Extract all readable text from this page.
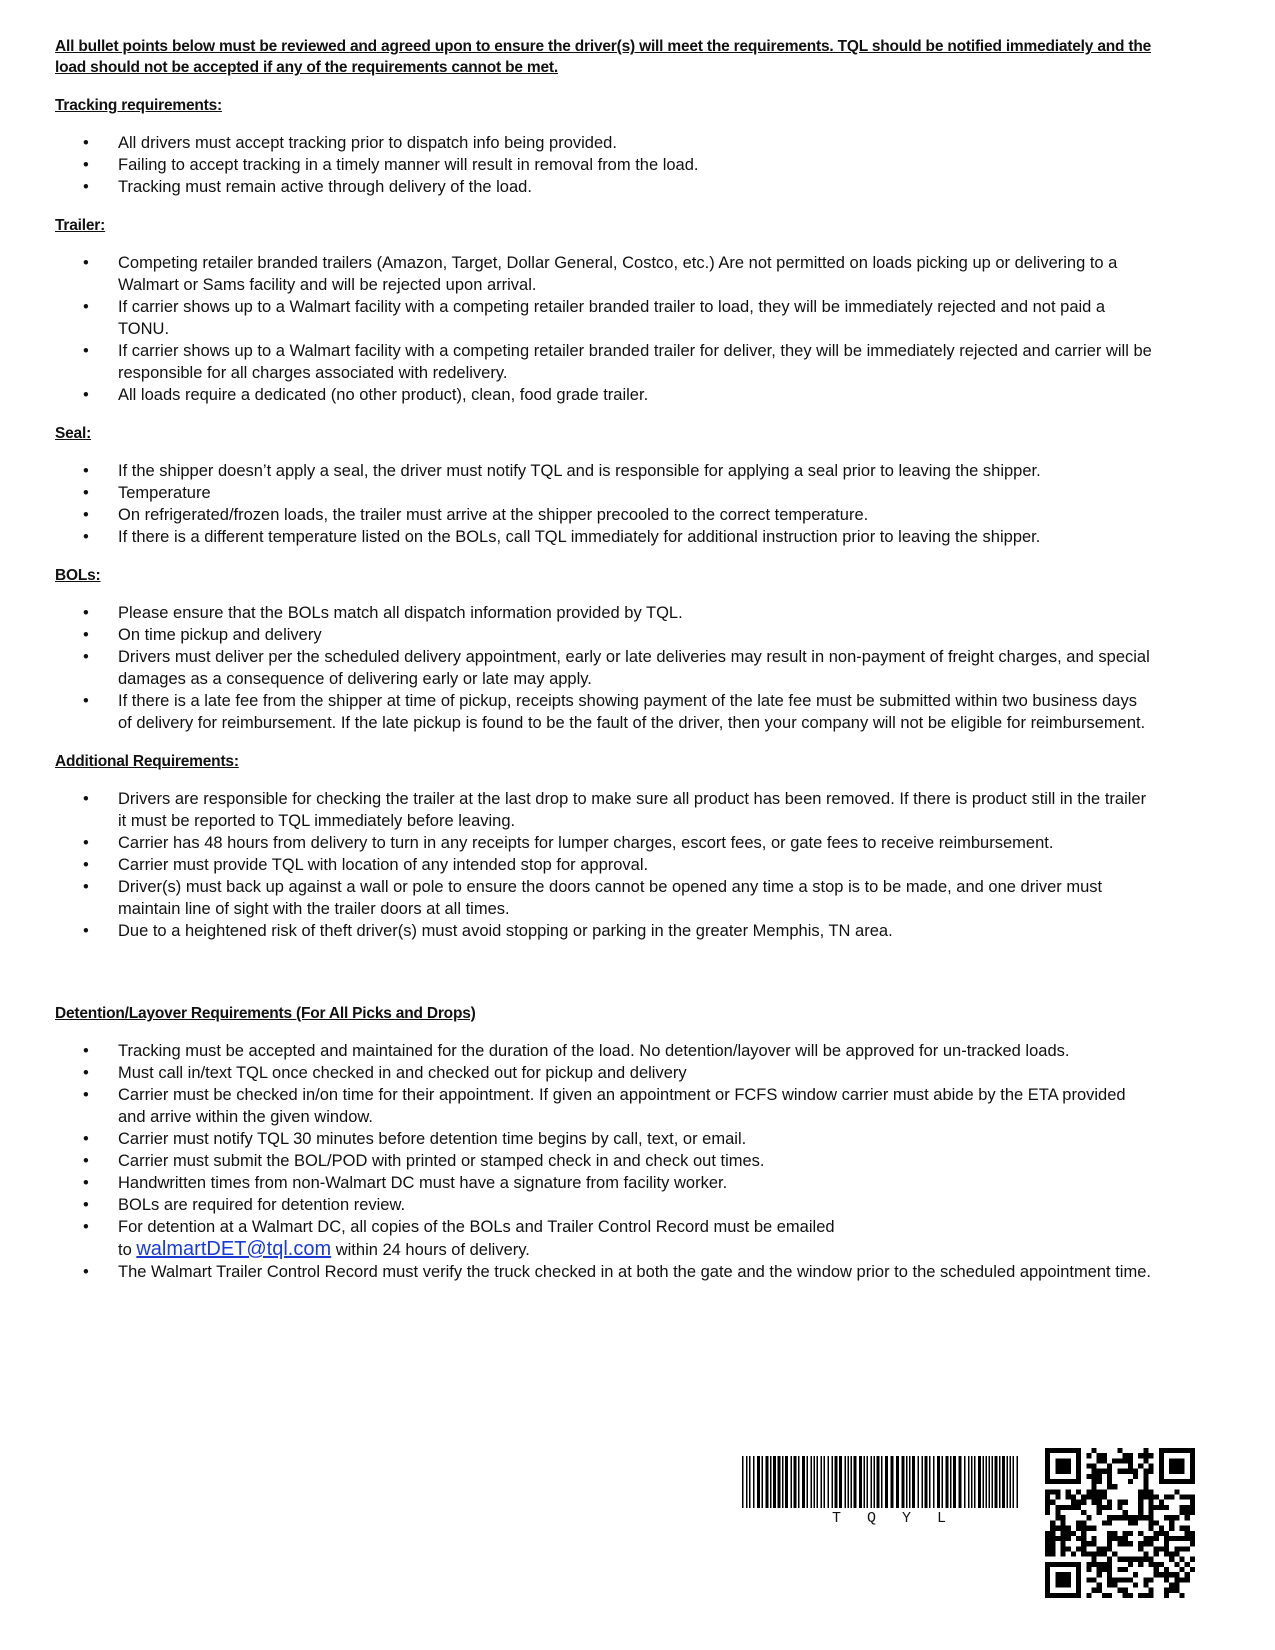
All bullet points below must be reviewed and agreed upon to ensure the driver(s) will meet the requirements. TQL should be notified immediately and the load should not be accepted if any of the requirements cannot be met.

Tracking requirements:
• All drivers must accept tracking prior to dispatch info being provided.
• Failing to accept tracking in a timely manner will result in removal from the load.
• Tracking must remain active through delivery of the load.
Trailer:
• Competing retailer branded trailers (Amazon, Target, Dollar General, Costco, etc.) Are not permitted on loads picking up or delivering to a Walmart or Sams facility and will be rejected upon arrival.
• If carrier shows up to a Walmart facility with a competing retailer branded trailer to load, they will be immediately rejected and not paid a TONU.
• If carrier shows up to a Walmart facility with a competing retailer branded trailer for deliver, they will be immediately rejected and carrier will be responsible for all charges associated with redelivery.
• All loads require a dedicated (no other product), clean, food grade trailer.
Seal:
• If the shipper doesn’t apply a seal, the driver must notify TQL and is responsible for applying a seal prior to leaving the shipper.
• Temperature
• On refrigerated/frozen loads, the trailer must arrive at the shipper precooled to the correct temperature.
• If there is a different temperature listed on the BOLs, call TQL immediately for additional instruction prior to leaving the shipper.
BOLs:
• Please ensure that the BOLs match all dispatch information provided by TQL.
• On time pickup and delivery
• Drivers must deliver per the scheduled delivery appointment, early or late deliveries may result in non-payment of freight charges, and special damages as a consequence of delivering early or late may apply.
• If there is a late fee from the shipper at time of pickup, receipts showing payment of the late fee must be submitted within two business days of delivery for reimbursement. If the late pickup is found to be the fault of the driver, then your company will not be eligible for reimbursement.
Additional Requirements:
• Drivers are responsible for checking the trailer at the last drop to make sure all product has been removed. If there is product still in the trailer it must be reported to TQL immediately before leaving.
• Carrier has 48 hours from delivery to turn in any receipts for lumper charges, escort fees, or gate fees to receive reimbursement.
• Carrier must provide TQL with location of any intended stop for approval.
• Driver(s) must back up against a wall or pole to ensure the doors cannot be opened any time a stop is to be made, and one driver must maintain line of sight with the trailer doors at all times.
• Due to a heightened risk of theft driver(s) must avoid stopping or parking in the greater Memphis, TN area.
Detention/Layover Requirements (For All Picks and Drops)
• Tracking must be accepted and maintained for the duration of the load. No detention/layover will be approved for un-tracked loads.
• Must call in/text TQL once checked in and checked out for pickup and delivery
• Carrier must be checked in/on time for their appointment. If given an appointment or FCFS window carrier must abide by the ETA provided and arrive within the given window.
• Carrier must notify TQL 30 minutes before detention time begins by call, text, or email.
• Carrier must submit the BOL/POD with printed or stamped check in and check out times.
• Handwritten times from non-Walmart DC must have a signature from facility worker.
• BOLs are required for detention review.
• For detention at a Walmart DC, all copies of the BOLs and Trailer Control Record must be emailed
to walmartDET@tql.com within 24 hours of delivery.
• The Walmart Trailer Control Record must verify the truck checked in at both the gate and the window prior to the scheduled appointment time.
TQYL
